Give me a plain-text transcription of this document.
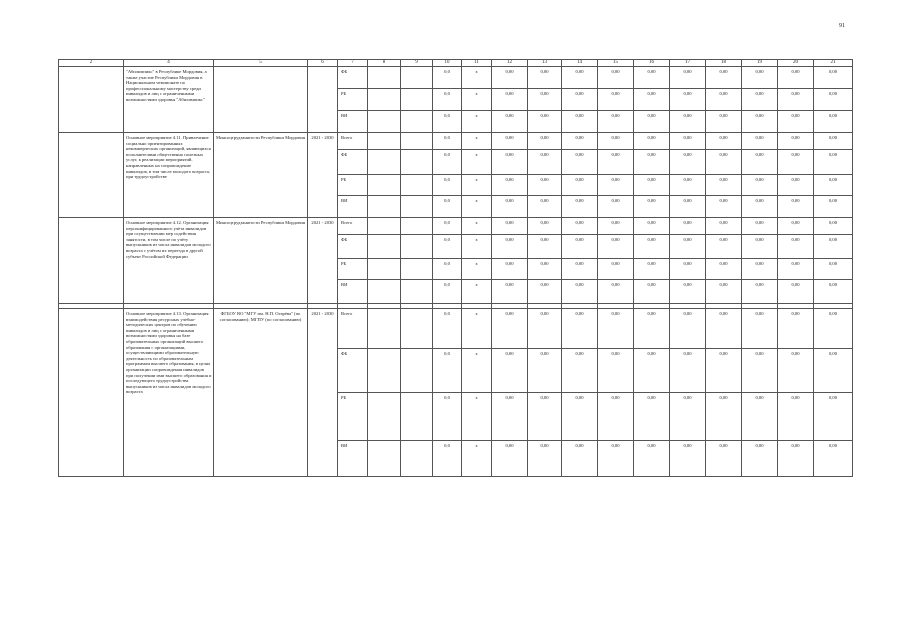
91
2	4	5	6	7	8	9	10	11	12	13	14	15	16	17	18	19	20	21
	"Абилимпикс" в Республике Мордовия, а также участие Республики Мордовия в Национальном чемпионате по профессиональному мастерству среди инвалидов и лиц с ограниченными возможностями здоровья "Абилимпикс"			ФБ			0,0	х	0,00	0,00	0,00	0,00	0,00	0,00	0,00	0,00	0,00	0,00
				РБ			0,0	х	0,00	0,00	0,00	0,00	0,00	0,00	0,00	0,00	0,00	0,00
				ВИ			0,0	х	0,00	0,00	0,00	0,00	0,00	0,00	0,00	0,00	0,00	0,00
	Основное мероприятие 4.11. Привлечение социально ориентированных некоммерческих организаций, являющихся исполнителями общественно полезных услуг, к реализации мероприятий, направленных на сопровождение инвалидов, в том числе молодого возраста, при трудоустройстве	Минсоцтрудзанятости Республики Мордовия	2021 - 2030	Всего			0,0	х	0,00	0,00	0,00	0,00	0,00	0,00	0,00	0,00	0,00	0,00
				ФБ			0,0	х	0,00	0,00	0,00	0,00	0,00	0,00	0,00	0,00	0,00	0,00
				РБ			0,0	х	0,00	0,00	0,00	0,00	0,00	0,00	0,00	0,00	0,00	0,00
				ВИ			0,0	х	0,00	0,00	0,00	0,00	0,00	0,00	0,00	0,00	0,00	0,00
	Основное мероприятие 4.12. Организация персонифицированного учёта инвалидов при осуществлении мер содействия занятости, в том числе по учёту выпускников из числа инвалидов молодого возраста с учётом их переезда в другой субъект Российской Федерации	Минсоцтрудзанятости Республики Мордовия	2021 - 2030	Всего			0,0	х	0,00	0,00	0,00	0,00	0,00	0,00	0,00	0,00	0,00	0,00
				ФБ			0,0	х	0,00	0,00	0,00	0,00	0,00	0,00	0,00	0,00	0,00	0,00
				РБ			0,0	х	0,00	0,00	0,00	0,00	0,00	0,00	0,00	0,00	0,00	0,00
				ВИ			0,0	х	0,00	0,00	0,00	0,00	0,00	0,00	0,00	0,00	0,00	0,00

	Основное мероприятие 4.13. Организация взаимодействия ресурсных учебно-методических центров по обучению инвалидов и лиц с ограниченными возможностями здоровья на базе образовательных организаций высшего образования с организациями, осуществляющими образовательную деятельность по образовательным программам высшего образования, в целях организации сопровождения инвалидов при получении ими высшего образования и последующего трудоустройства выпускников из числа инвалидов молодого возраста	ФГБОУ ВО "МГУ им. Н.П. Огарёва" (по согласованию); МГПУ (по согласованию)	2021 - 2030	Всего			0,0	х	0,00	0,00	0,00	0,00	0,00	0,00	0,00	0,00	0,00	0,00
				ФБ			0,0	х	0,00	0,00	0,00	0,00	0,00	0,00	0,00	0,00	0,00	0,00
				РБ			0,0	х	0,00	0,00	0,00	0,00	0,00	0,00	0,00	0,00	0,00	0,00
				ВИ			0,0	х	0,00	0,00	0,00	0,00	0,00	0,00	0,00	0,00	0,00	0,00
